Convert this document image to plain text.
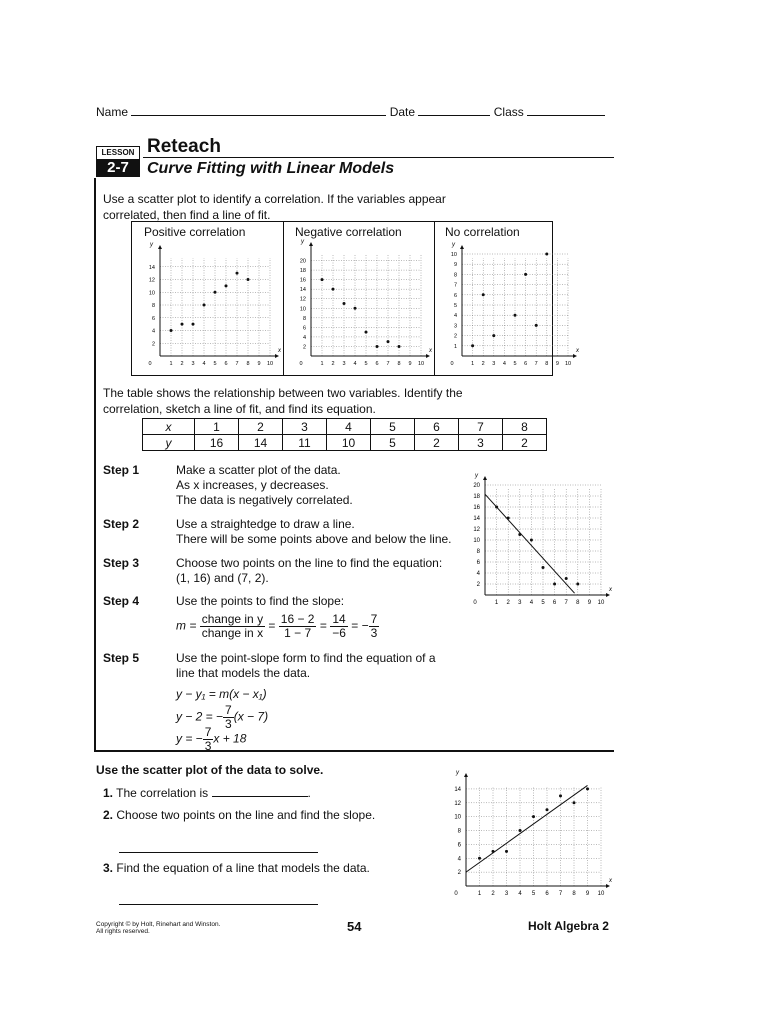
Name	Date	Class
LESSON
2-7
Reteach
Curve Fitting with Linear Models
Use a scatter plot to identify a correlation. If the variables appear
correlated, then find a line of fit.
Positive correlation	Negative correlation	No correlation
x
y
0	1 2 3 4 5 6 7 8 9 10
2
4
6
8
10
12
14
x
y
0	1 2 3 4 5 6 7 8 9 10
2
4
6
8
10
12
14
16
18
20
x
y
0	1 2 3 4 5 6 7 8 9 10
1
2
3
4
5
6
7
8
9
10
The table shows the relationship between two variables. Identify the
correlation, sketch a line of fit, and find its equation.
x	1	2	3	4	5	6	7	8
y	16	14	11	10	5	2	3	2
Step 1	Make a scatter plot of the data.
As x increases, y decreases.
The data is negatively correlated.
Step 2	Use a straightedge to draw a line.
There will be some points above and below the line.
Step 3	Choose two points on the line to find the equation:
(1, 16) and (7, 2).
Step 4	Use the points to find the slope:
$m = \frac{\text{change in y}}{\text{change in x}} = \frac{16 - 2}{1 - 7} = \frac{14}{-6}$ = − $\frac{7}{3}$
Step 5	Use the point-slope form to find the equation of a
line that models the data.
y − y₁ = m(x − x₁)
y − 2 = − $\frac{7}{3} (x - 7)$
y = − $\frac{7}{3}$ x + 18
x
y
0	1 2 3 4 5 6 7 8 9 10
2
4
6
8
10
12
14
16
18
20
Use the scatter plot of the data to solve.
1. The correlation is	.
2. Choose two points on the line and find the slope.
3. Find the equation of a line that models the data.
x
y
0	1 2 3 4 5 6 7 8 9 10
2
4
6
8
10
12
14
Copyright © by Holt, Rinehart and Winston.
All rights reserved.	54	Holt Algebra 2
